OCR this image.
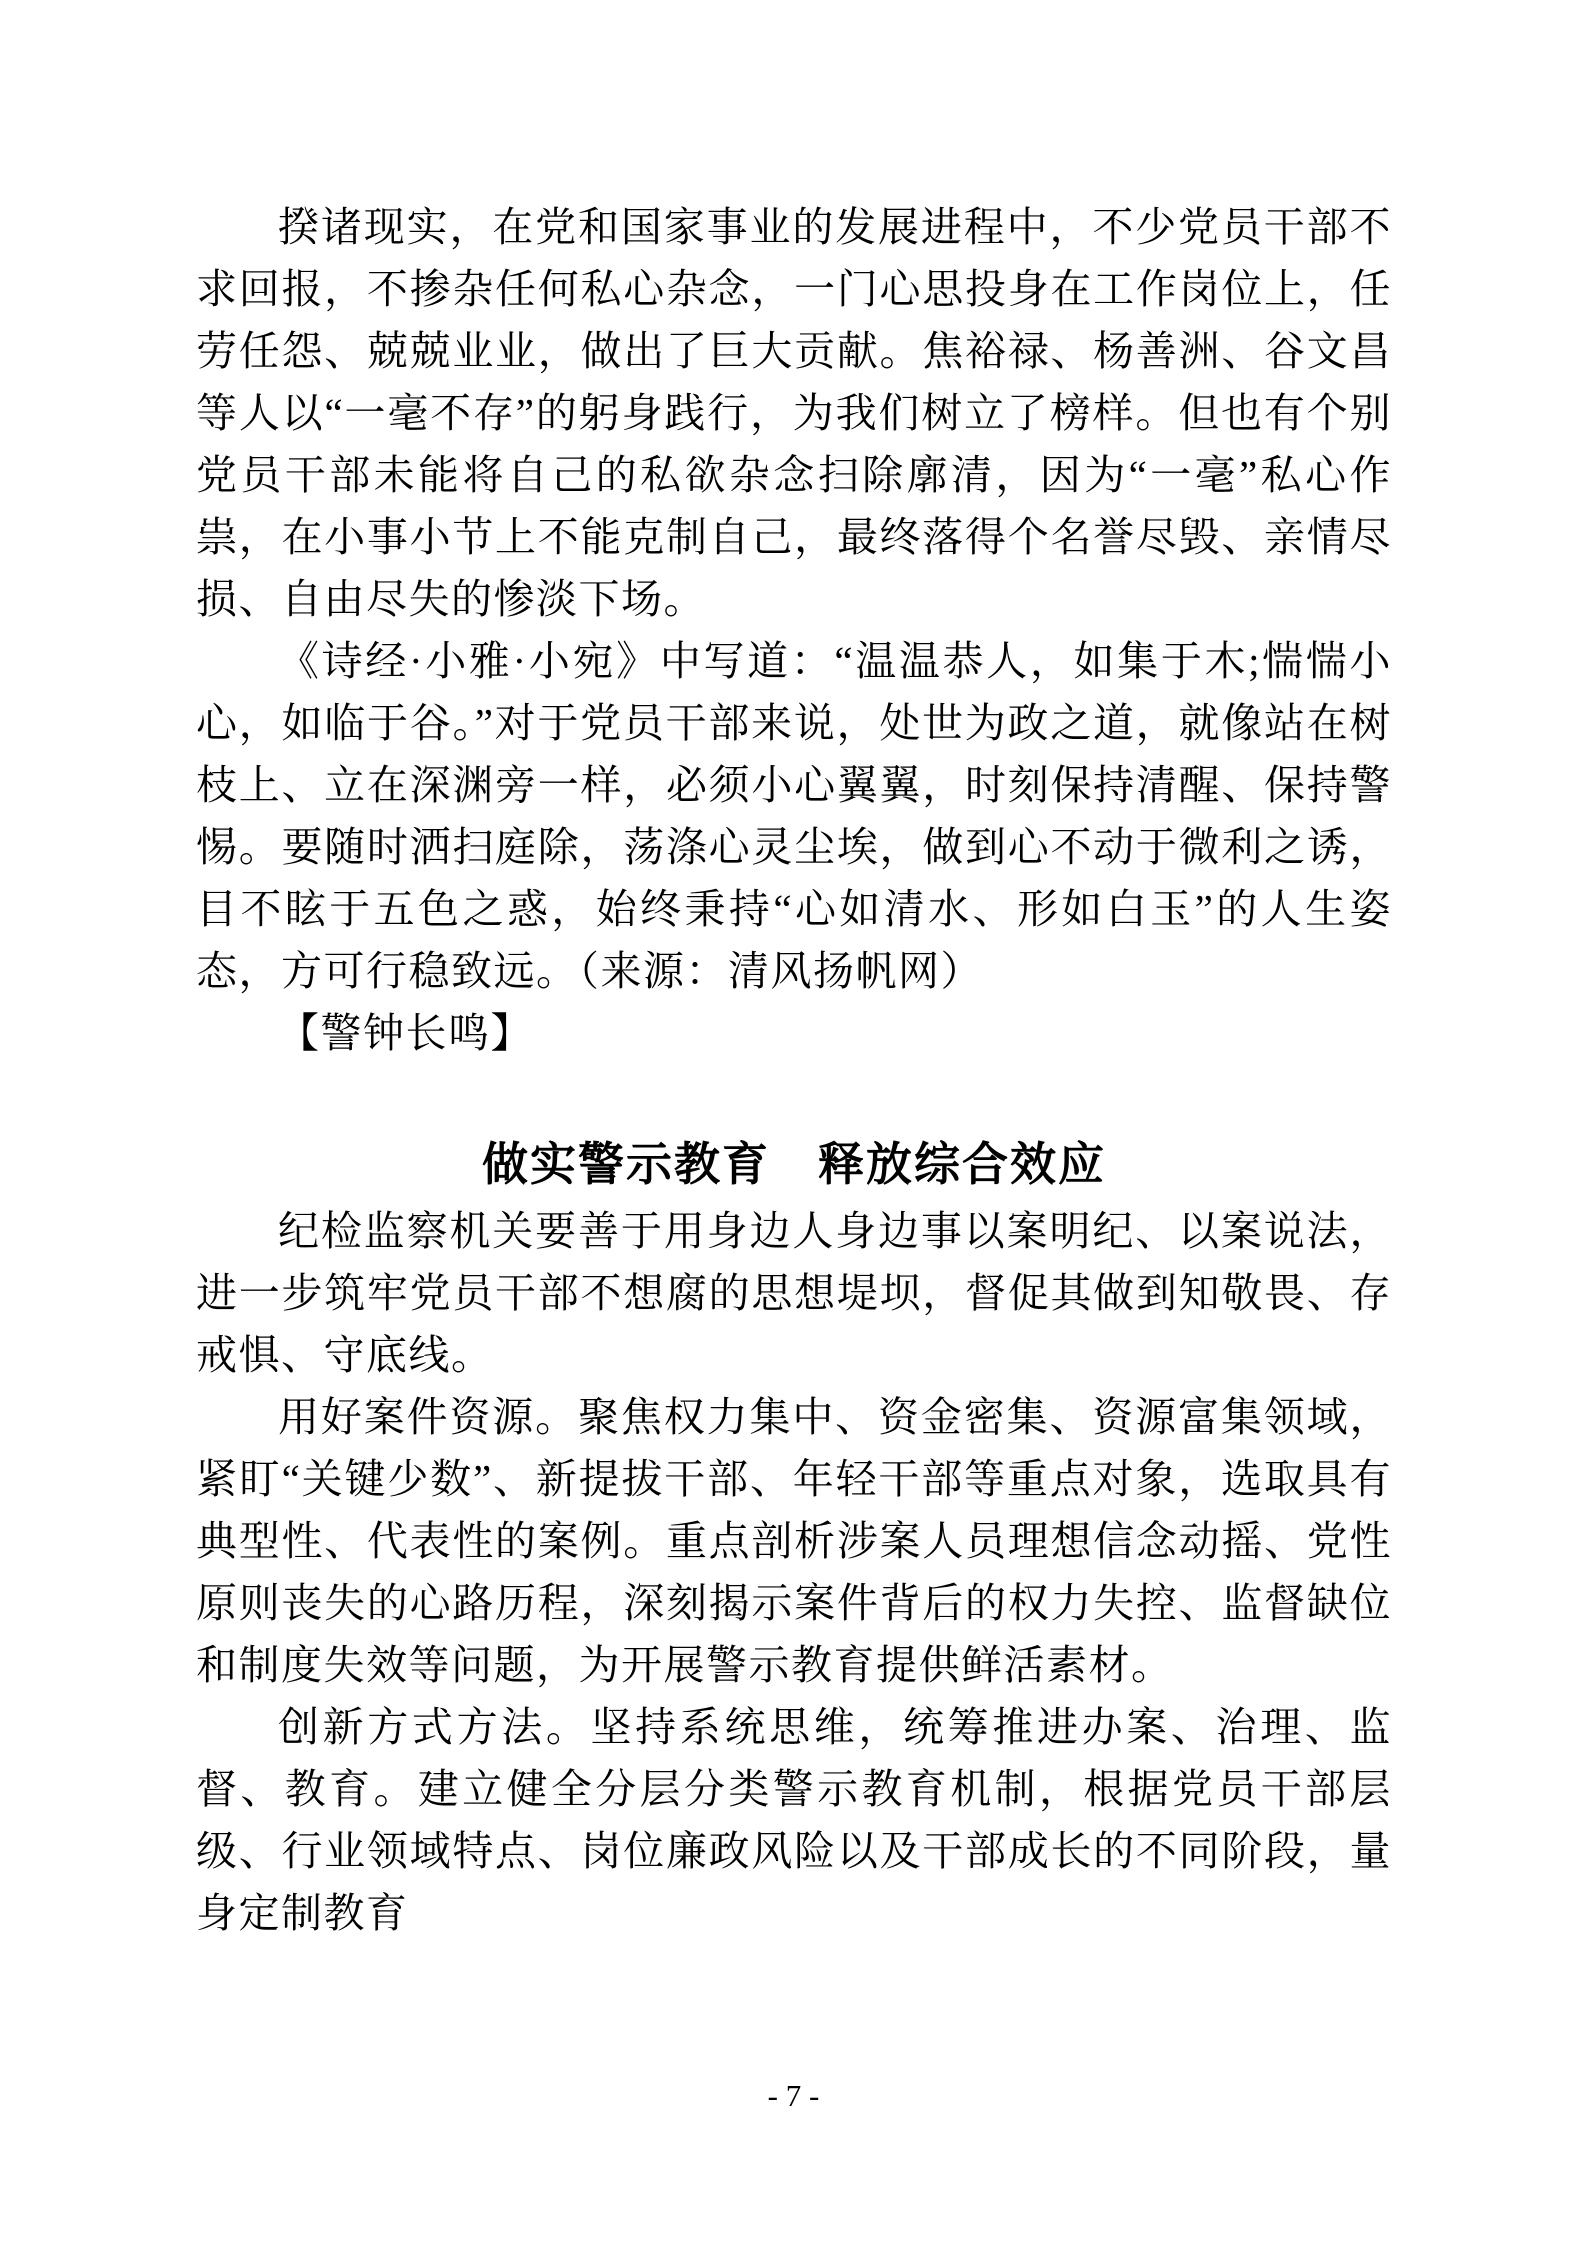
揆诸现实，在党和国家事业的发展进程中，不少党员干部不求回报，不掺杂任何私心杂念，一门心思投身在工作岗位上，任劳任怨、兢兢业业，做出了巨大贡献。焦裕禄、杨善洲、谷文昌等人以“一毫不存”的躬身践行，为我们树立了榜样。但也有个别党员干部未能将自己的私欲杂念扫除廓清，因为“一毫”私心作祟，在小事小节上不能克制自己，最终落得个名誉尽毁、亲情尽损、自由尽失的惨淡下场。

《诗经·小雅·小宛》中写道：“温温恭人，如集于木;惴惴小心，如临于谷。”对于党员干部来说，处世为政之道，就像站在树枝上、立在深渊旁一样，必须小心翼翼，时刻保持清醒、保持警惕。要随时洒扫庭除，荡涤心灵尘埃，做到心不动于微利之诱，目不眩于五色之惑，始终秉持“心如清水、形如白玉”的人生姿态，方可行稳致远。（来源：清风扬帆网）

【警钟长鸣】

做实警示教育　释放综合效应

纪检监察机关要善于用身边人身边事以案明纪、以案说法，进一步筑牢党员干部不想腐的思想堤坝，督促其做到知敬畏、存戒惧、守底线。

用好案件资源。聚焦权力集中、资金密集、资源富集领域，紧盯“关键少数”、新提拔干部、年轻干部等重点对象，选取具有典型性、代表性的案例。重点剖析涉案人员理想信念动摇、党性原则丧失的心路历程，深刻揭示案件背后的权力失控、监督缺位和制度失效等问题，为开展警示教育提供鲜活素材。

创新方式方法。坚持系统思维，统筹推进办案、治理、监督、教育。建立健全分层分类警示教育机制，根据党员干部层级、行业领域特点、岗位廉政风险以及干部成长的不同阶段，量身定制教育

- 7 -
